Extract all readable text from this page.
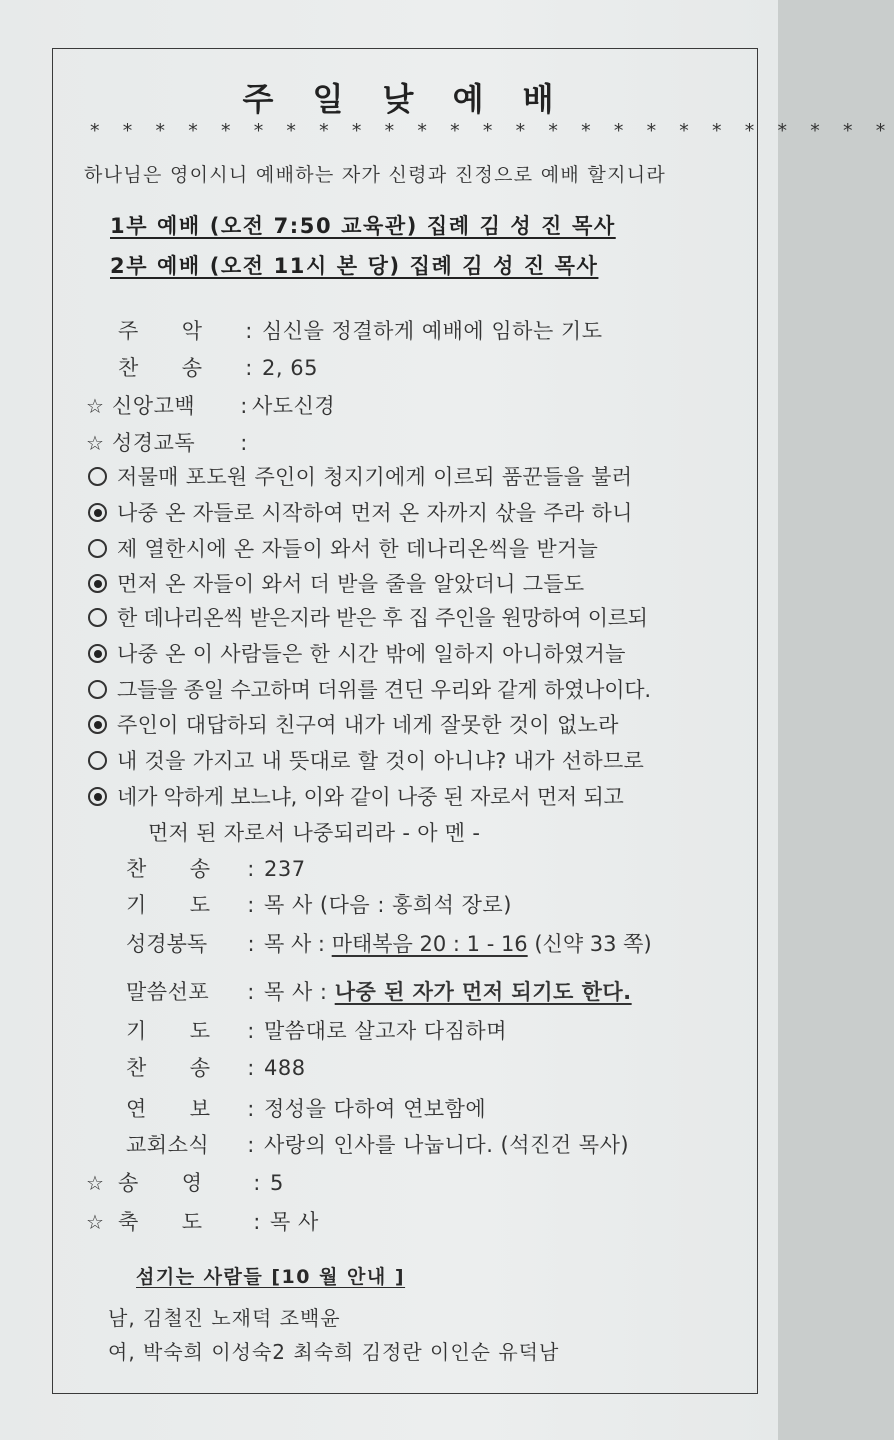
주 일 낮 예 배
* * * * * * * * * * * * * * * * * * * * * * * * *
하나님은 영이시니 예배하는 자가 신령과 진정으로 예배 할지니라
1부 예배 (오전 7:50 교육관) 집례 김 성 진 목사
2부 예배 (오전 11시 본 당) 집례 김 성 진 목사
주　　악 : 심신을 정결하게 예배에 임하는 기도
찬　　송 : 2, 65
☆ 신앙고백 : 사도신경
☆ 성경교독 :
저물매 포도원 주인이 청지기에게 이르되 품꾼들을 불러
나중 온 자들로 시작하여 먼저 온 자까지 삯을 주라 하니
제 열한시에 온 자들이 와서 한 데나리온씩을 받거늘
먼저 온 자들이 와서 더 받을 줄을 알았더니 그들도
한 데나리온씩 받은지라 받은 후 집 주인을 원망하여 이르되
나중 온 이 사람들은 한 시간 밖에 일하지 아니하였거늘
그들을 종일 수고하며 더위를 견딘 우리와 같게 하였나이다.
주인이 대답하되 친구여 내가 네게 잘못한 것이 없노라
내 것을 가지고 내 뜻대로 할 것이 아니냐? 내가 선하므로
네가 악하게 보느냐, 이와 같이 나중 된 자로서 먼저 되고
먼저 된 자로서 나중되리라 - 아 멘 -
찬　　송 : 237
기　　도 : 목 사 (다음 : 홍희석 장로)
성경봉독 : 목 사 : 마태복음 20 : 1 - 16 (신약 33 쪽)
말씀선포 : 목 사 : 나중 된 자가 먼저 되기도 한다.
기　　도 : 말씀대로 살고자 다짐하며
찬　　송 : 488
연　　보 : 정성을 다하여 연보함에
교회소식 : 사랑의 인사를 나눕니다. (석진건 목사)
☆ 송　　영 : 5
☆ 축　　도 : 목 사
섬기는 사람들 [10 월 안내 ]
남, 김철진 노재덕 조백윤
여, 박숙희 이성숙2 최숙희 김정란 이인순 유덕남
